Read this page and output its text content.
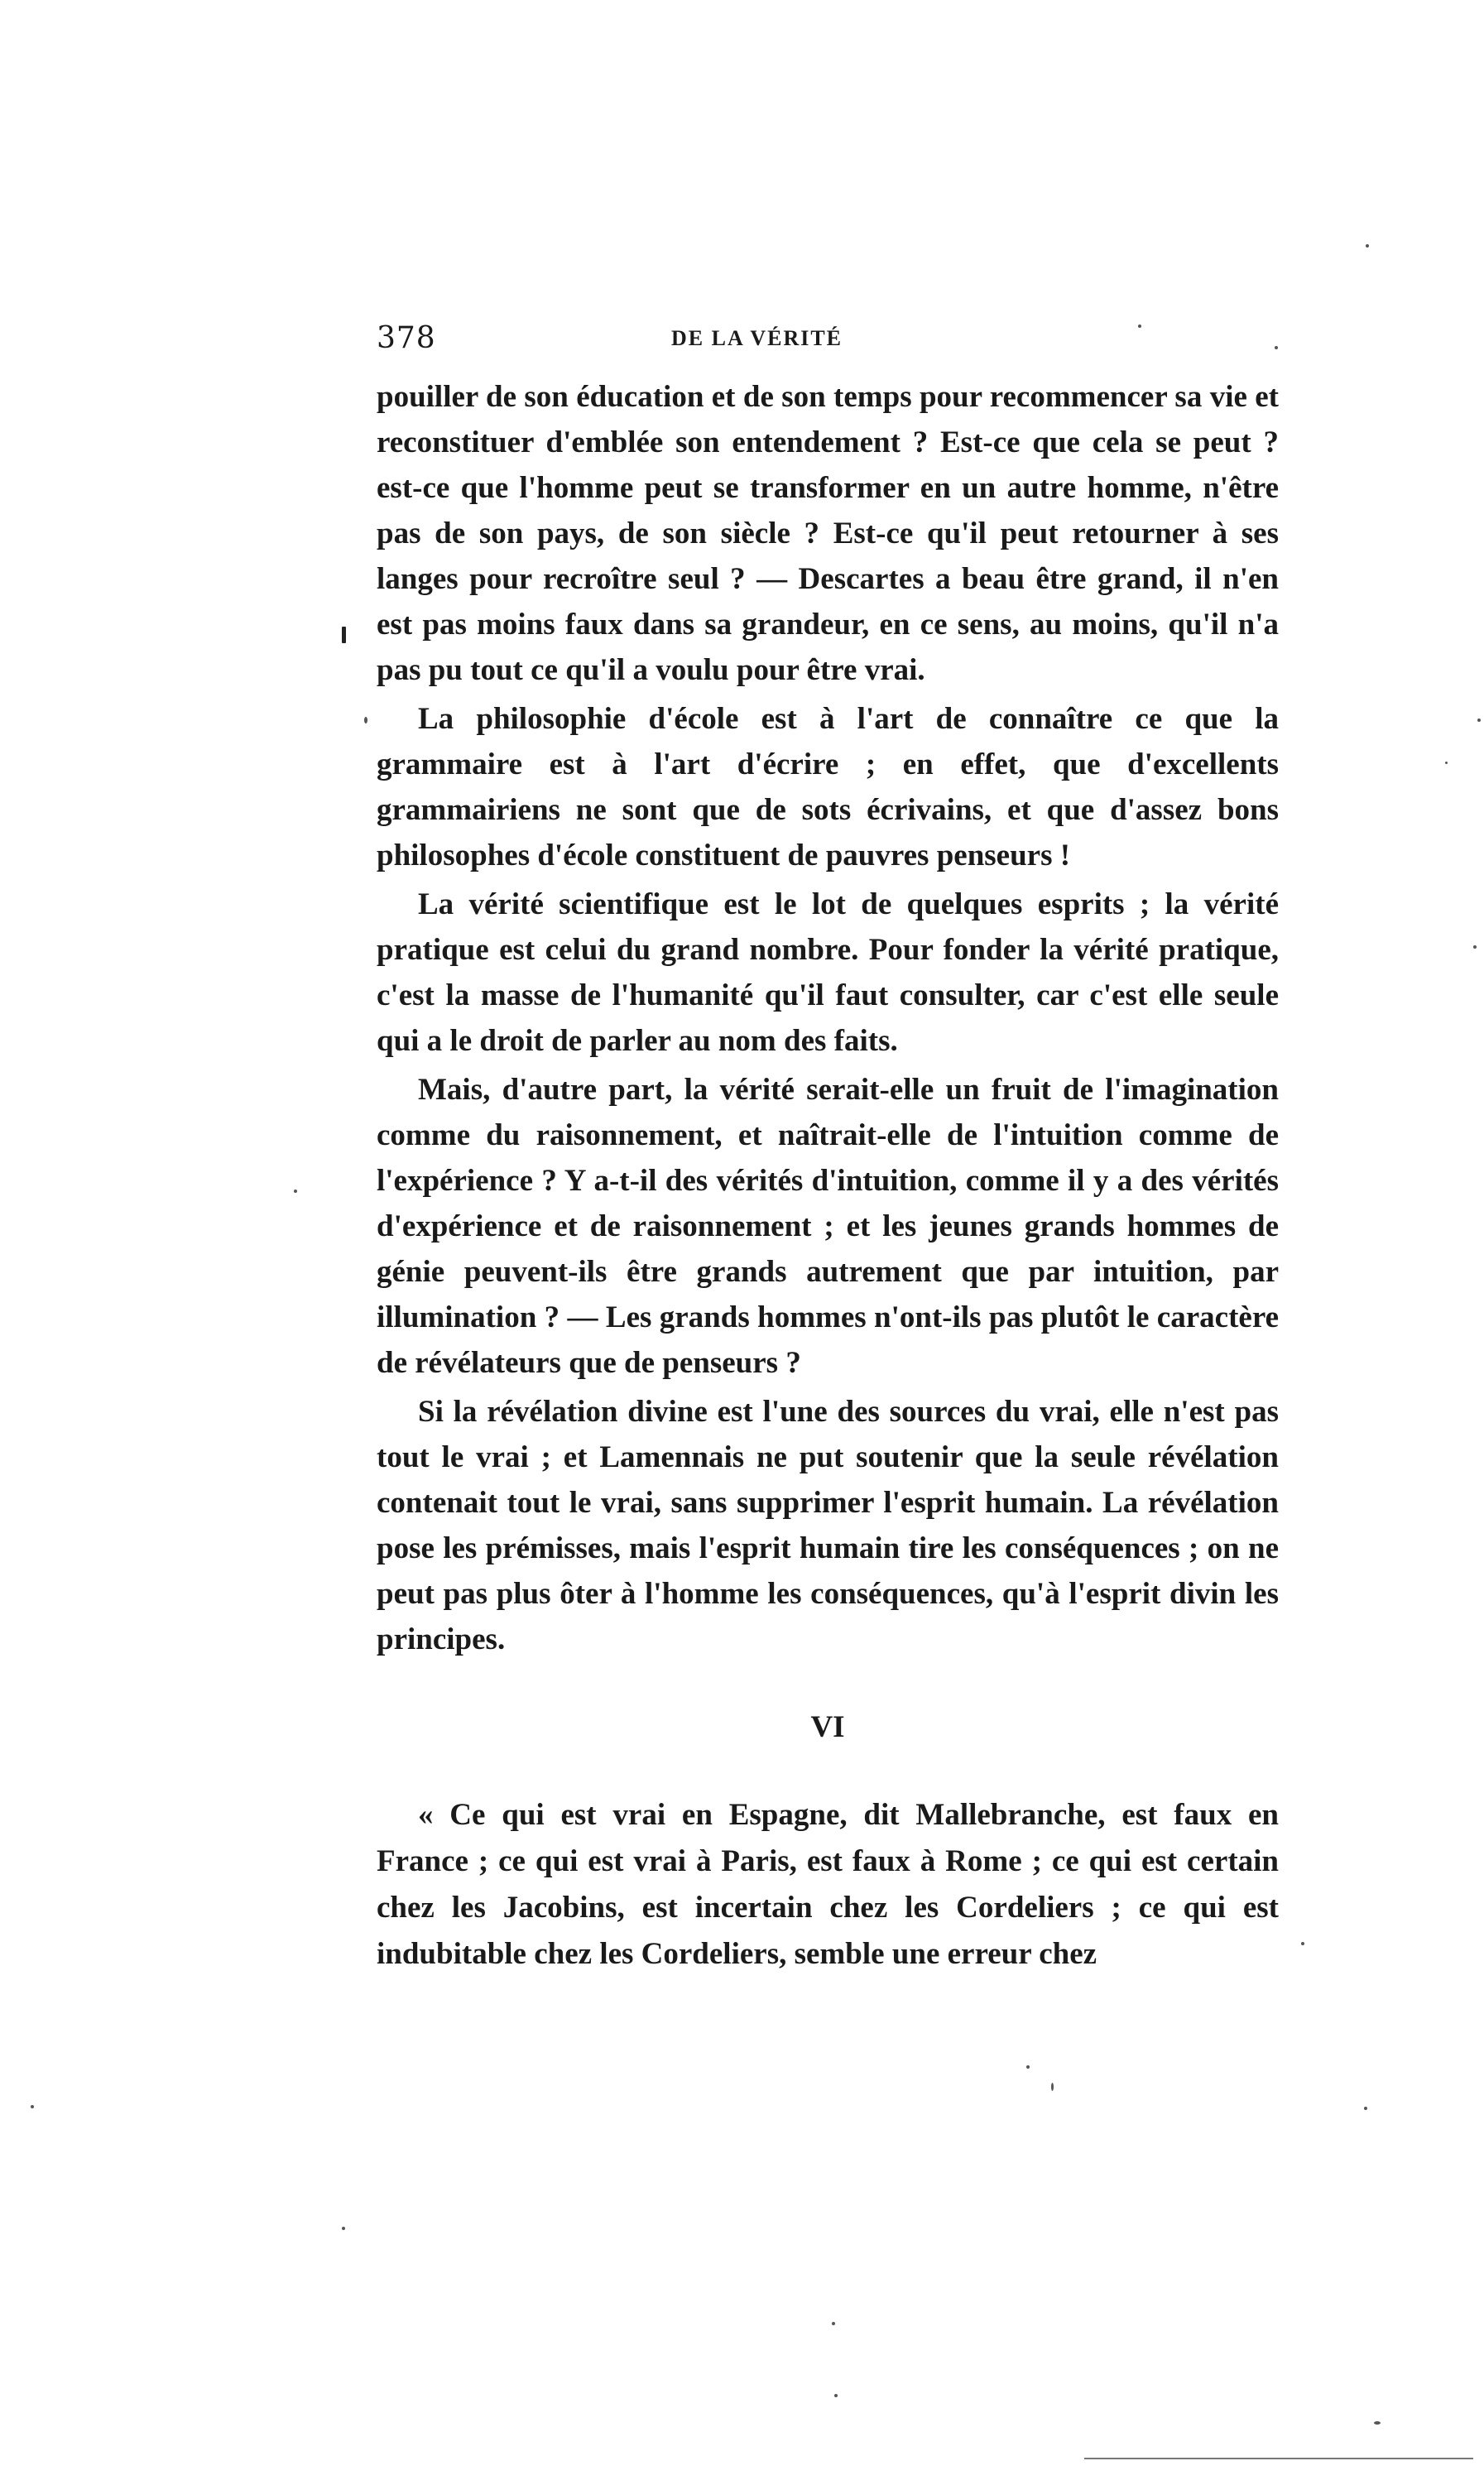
378	DE LA VÉRITÉ

pouiller de son éducation et de son temps pour recommencer sa vie et reconstituer d'emblée son entendement ? Est-ce que cela se peut ? est-ce que l'homme peut se transformer en un autre homme, n'être pas de son pays, de son siècle ? Est-ce qu'il peut retourner à ses langes pour recroître seul ? — Descartes a beau être grand, il n'en est pas moins faux dans sa grandeur, en ce sens, au moins, qu'il n'a pas pu tout ce qu'il a voulu pour être vrai.

La philosophie d'école est à l'art de connaître ce que la grammaire est à l'art d'écrire ; en effet, que d'excellents grammairiens ne sont que de sots écrivains, et que d'assez bons philosophes d'école constituent de pauvres penseurs !

La vérité scientifique est le lot de quelques esprits ; la vérité pratique est celui du grand nombre. Pour fonder la vérité pratique, c'est la masse de l'humanité qu'il faut consulter, car c'est elle seule qui a le droit de parler au nom des faits.

Mais, d'autre part, la vérité serait-elle un fruit de l'imagination comme du raisonnement, et naîtrait-elle de l'intuition comme de l'expérience ? Y a-t-il des vérités d'intuition, comme il y a des vérités d'expérience et de raisonnement ; et les jeunes grands hommes de génie peuvent-ils être grands autrement que par intuition, par illumination ? — Les grands hommes n'ont-ils pas plutôt le caractère de révélateurs que de penseurs ?

Si la révélation divine est l'une des sources du vrai, elle n'est pas tout le vrai ; et Lamennais ne put soutenir que la seule révélation contenait tout le vrai, sans supprimer l'esprit humain. La révélation pose les prémisses, mais l'esprit humain tire les conséquences ; on ne peut pas plus ôter à l'homme les conséquences, qu'à l'esprit divin les principes.

VI

« Ce qui est vrai en Espagne, dit Mallebranche, est faux en France ; ce qui est vrai à Paris, est faux à Rome ; ce qui est certain chez les Jacobins, est incertain chez les Cordeliers ; ce qui est indubitable chez les Cordeliers, semble une erreur chez
